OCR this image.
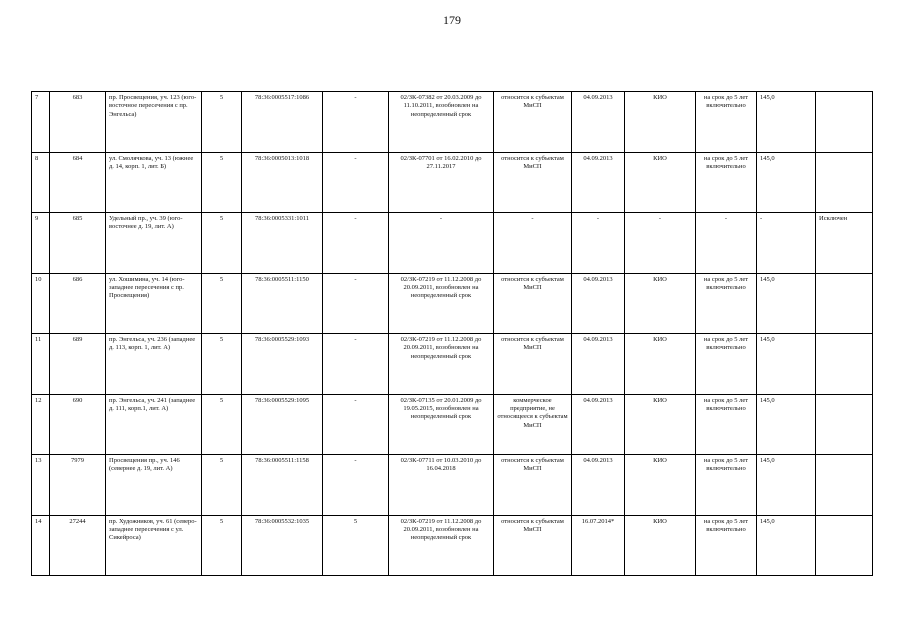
179
7	683	пр. Просвещения, уч. 123 (юго-восточное пересечения с пр. Энгельса)	5	78:36:0005517:1086	-	02/ЗК-07382 от 20.03.2009 до 11.10.2011, возобновлен на неопределенный срок	относится к субъектам МиСП	04.09.2013	КИО	на срок до 5 лет включительно	145,0	
8	684	ул. Смолячкова, уч. 13 (южнее д. 14, корп. 1, лит. Б)	5	78:36:0005013:1018	-	02/ЗК-07701 от 16.02.2010 до 27.11.2017	относится к субъектам МиСП	04.09.2013	КИО	на срок до 5 лет включительно	145,0	
9	685	Удельный пр., уч. 39 (юго-восточнее д. 19, лит. А)	5	78:36:0005331:1011	-	-	-	-	-	-	-	Исключен
10	686	ул. Хошимина, уч. 14 (юго-западнее пересечения с пр. Просвещения)	5	78:36:0005511:1150	-	02/ЗК-07219 от 11.12.2008 до 20.09.2011, возобновлен на неопределенный срок	относится к субъектам МиСП	04.09.2013	КИО	на срок до 5 лет включительно	145,0	
11	689	пр. Энгельса, уч. 236 (западнее д. 113, корп. 1, лит. А)	5	78:36:0005529:1093	-	02/ЗК-07219 от 11.12.2008 до 20.09.2011, возобновлен на неопределенный срок	относится к субъектам МиСП	04.09.2013	КИО	на срок до 5 лет включительно	145,0	
12	690	пр. Энгельса, уч. 241 (западнее д. 111, корп.1, лит. А)	5	78:36:0005529:1095	-	02/ЗК-07135 от 20.01.2009 до 19.05.2015, возобновлен на неопределенный срок	коммерческое предприятие, не относящееся к субъектам МиСП	04.09.2013	КИО	на срок до 5 лет включительно	145,0	
13	7979	Просвещения пр., уч. 146 (севернее д. 19, лит. А)	5	78:36:0005511:1158	-	02/ЗК-07711 от 10.03.2010 до 16.04.2018	относится к субъектам МиСП	04.09.2013	КИО	на срок до 5 лет включительно	145,0	
14	27244	пр. Художников, уч. 61 (северо-западнее пересечения с ул. Сикейроса)	5	78:36:0005532:1035	5	02/ЗК-07219 от 11.12.2008 до 20.09.2011, возобновлен на неопределенный срок	относится к субъектам МиСП	16.07.2014*	КИО	на срок до 5 лет включительно	145,0	
